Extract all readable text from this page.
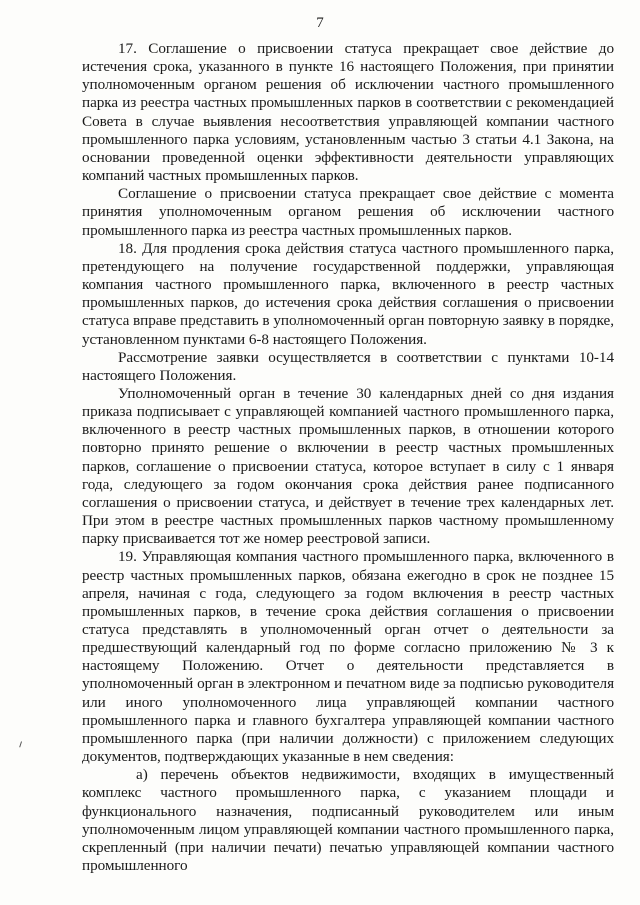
7

17. Соглашение о присвоении статуса прекращает свое действие до истечения срока, указанного в пункте 16 настоящего Положения, при принятии уполномоченным органом решения об исключении частного промышленного парка из реестра частных промышленных парков в соответствии с рекомендацией Совета в случае выявления несоответствия управляющей компании частного промышленного парка условиям, установленным частью 3 статьи 4.1 Закона, на основании проведенной оценки эффективности деятельности управляющих компаний частных промышленных парков.

Соглашение о присвоении статуса прекращает свое действие с момента принятия уполномоченным органом решения об исключении частного промышленного парка из реестра частных промышленных парков.

18. Для продления срока действия статуса частного промышленного парка, претендующего на получение государственной поддержки, управляющая компания частного промышленного парка, включенного в реестр частных промышленных парков, до истечения срока действия соглашения о присвоении статуса вправе представить в уполномоченный орган повторную заявку в порядке, установленном пунктами 6-8 настоящего Положения.

Рассмотрение заявки осуществляется в соответствии с пунктами 10-14 настоящего Положения.

Уполномоченный орган в течение 30 календарных дней со дня издания приказа подписывает с управляющей компанией частного промышленного парка, включенного в реестр частных промышленных парков, в отношении которого повторно принято решение о включении в реестр частных промышленных парков, соглашение о присвоении статуса, которое вступает в силу с 1 января года, следующего за годом окончания срока действия ранее подписанного соглашения о присвоении статуса, и действует в течение трех календарных лет. При этом в реестре частных промышленных парков частному промышленному парку присваивается тот же номер реестровой записи.

19. Управляющая компания частного промышленного парка, включенного в реестр частных промышленных парков, обязана ежегодно в срок не позднее 15 апреля, начиная с года, следующего за годом включения в реестр частных промышленных парков, в течение срока действия соглашения о присвоении статуса представлять в уполномоченный орган отчет о деятельности за предшествующий календарный год по форме согласно приложению № 3 к настоящему Положению. Отчет о деятельности представляется в уполномоченный орган в электронном и печатном виде за подписью руководителя или иного уполномоченного лица управляющей компании частного промышленного парка и главного бухгалтера управляющей компании частного промышленного парка (при наличии должности) с приложением следующих документов, подтверждающих указанные в нем сведения:

а) перечень объектов недвижимости, входящих в имущественный комплекс частного промышленного парка, с указанием площади и функционального назначения, подписанный руководителем или иным уполномоченным лицом управляющей компании частного промышленного парка, скрепленный (при наличии печати) печатью управляющей компании частного промышленного
